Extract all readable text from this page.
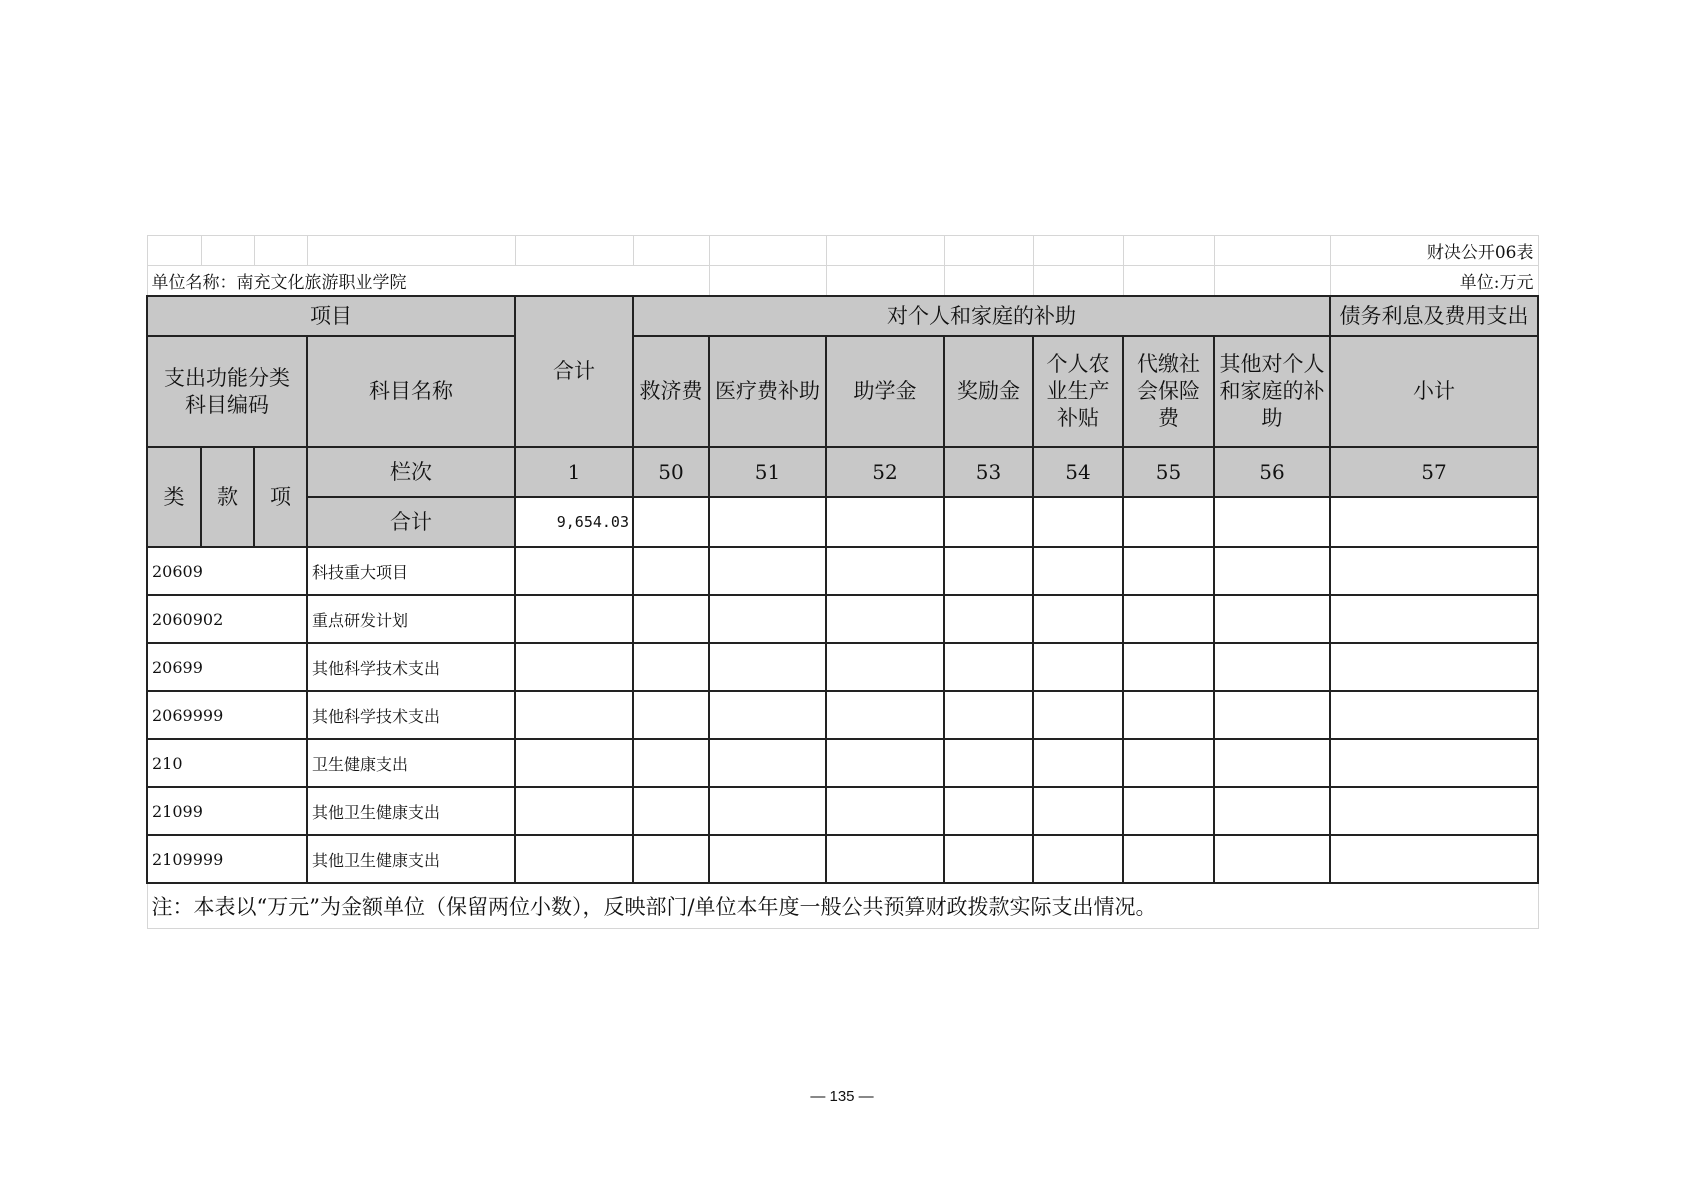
												财决公开06表
单位名称：南充文化旅游职业学院												单位:万元
项目				合计	对个人和家庭的补助							债务利息及费用支出
支出功能分类科目编码			科目名称		救济费	医疗费补助	助学金	奖励金	个人农业生产补贴	代缴社会保险费	其他对个人和家庭的补助	小计
类	款	项	栏次	1	50	51	52	53	54	55	56	57
			合计	9,654.03								
20609			科技重大项目									
2060902			重点研发计划									
20699			其他科学技术支出									
2069999			其他科学技术支出									
210			卫生健康支出									
21099			其他卫生健康支出									
2109999			其他卫生健康支出									
注：本表以“万元”为金额单位（保留两位小数），反映部门/单位本年度一般公共预算财政拨款实际支出情况。												
— 135 —
